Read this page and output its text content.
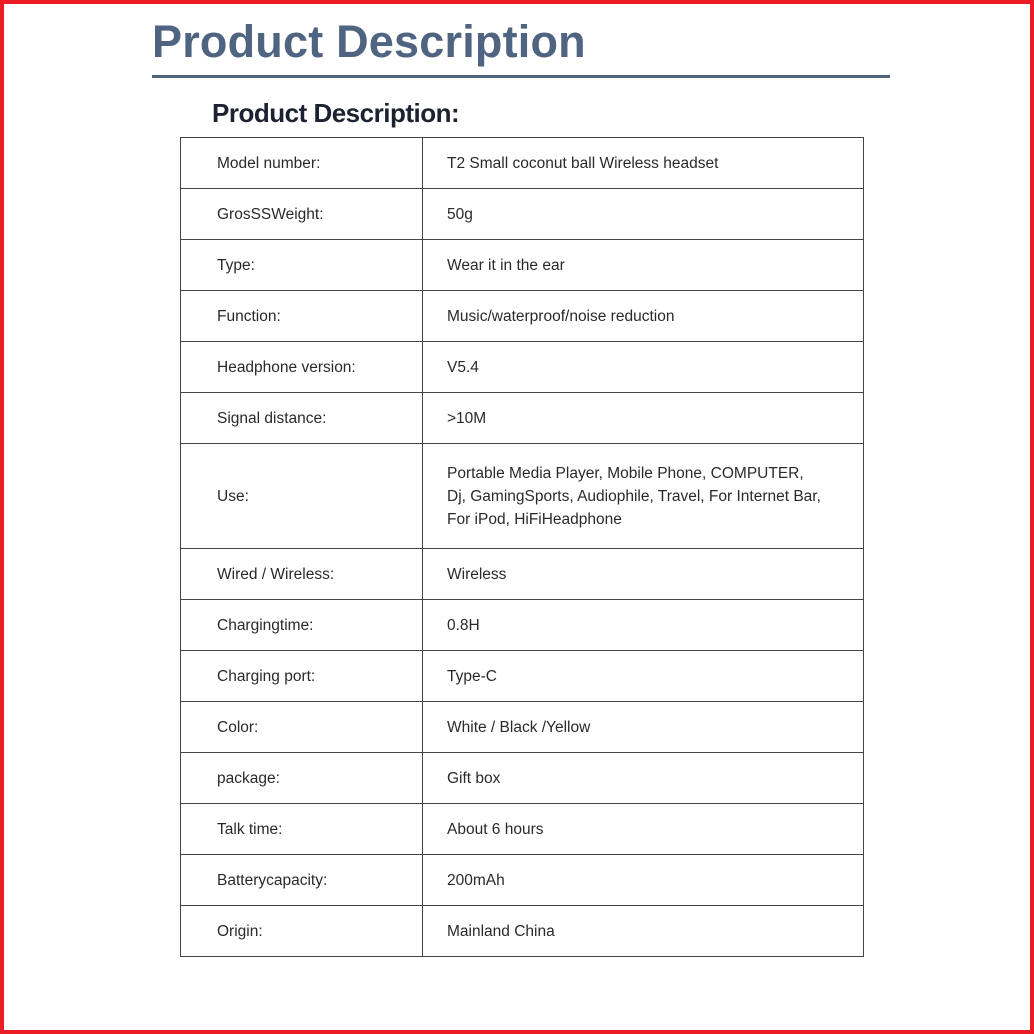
Product Description
Product Description:
Model number:	T2 Small coconut ball Wireless headset
GrosSSWeight:	50g
Type:	Wear it in the ear
Function:	Music/waterproof/noise reduction
Headphone version:	V5.4
Signal distance:	>10M
Use:	Portable Media Player, Mobile Phone, COMPUTER,
Dj, GamingSports, Audiophile, Travel, For Internet Bar,
For iPod, HiFiHeadphone

Wired / Wireless:	Wireless
Chargingtime:	0.8H
Charging port:	Type-C
Color:	White / Black /Yellow
package:	Gift box
Talk time:	About 6 hours
Batterycapacity:	200mAh
Origin:	Mainland China
